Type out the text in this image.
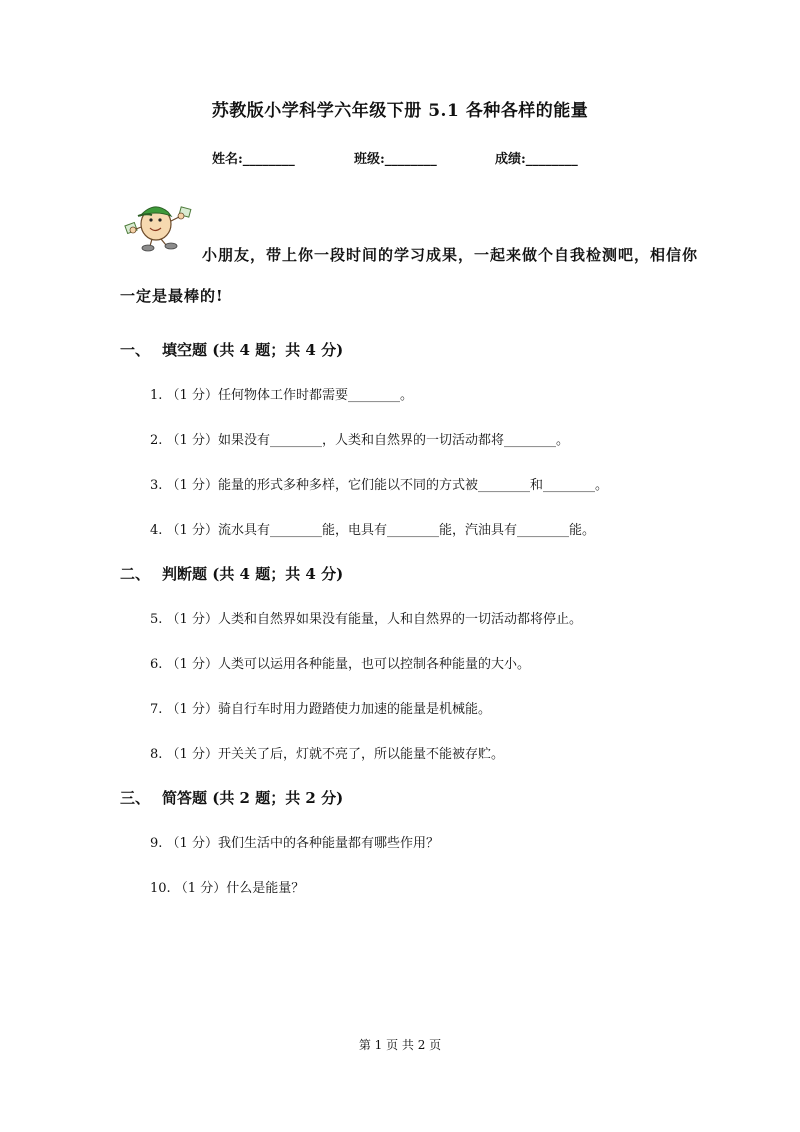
苏教版小学科学六年级下册 5.1 各种各样的能量
姓名:________	班级:________	成绩:________
小朋友，带上你一段时间的学习成果，一起来做个自我检测吧，相信你
一定是最棒的!
一、 填空题 (共 4 题；共 4 分)
1. （1 分）任何物体工作时都需要________。
2. （1 分）如果没有________，人类和自然界的一切活动都将________。
3. （1 分）能量的形式多种多样，它们能以不同的方式被________和________。
4. （1 分）流水具有________能，电具有________能，汽油具有________能。
二、 判断题 (共 4 题；共 4 分)
5. （1 分）人类和自然界如果没有能量，人和自然界的一切活动都将停止。
6. （1 分）人类可以运用各种能量，也可以控制各种能量的大小。
7. （1 分）骑自行车时用力蹬踏使力加速的能量是机械能。
8. （1 分）开关关了后，灯就不亮了，所以能量不能被存贮。
三、 简答题 (共 2 题；共 2 分)
9. （1 分）我们生活中的各种能量都有哪些作用？
10. （1 分）什么是能量？
第 1 页 共 2 页
